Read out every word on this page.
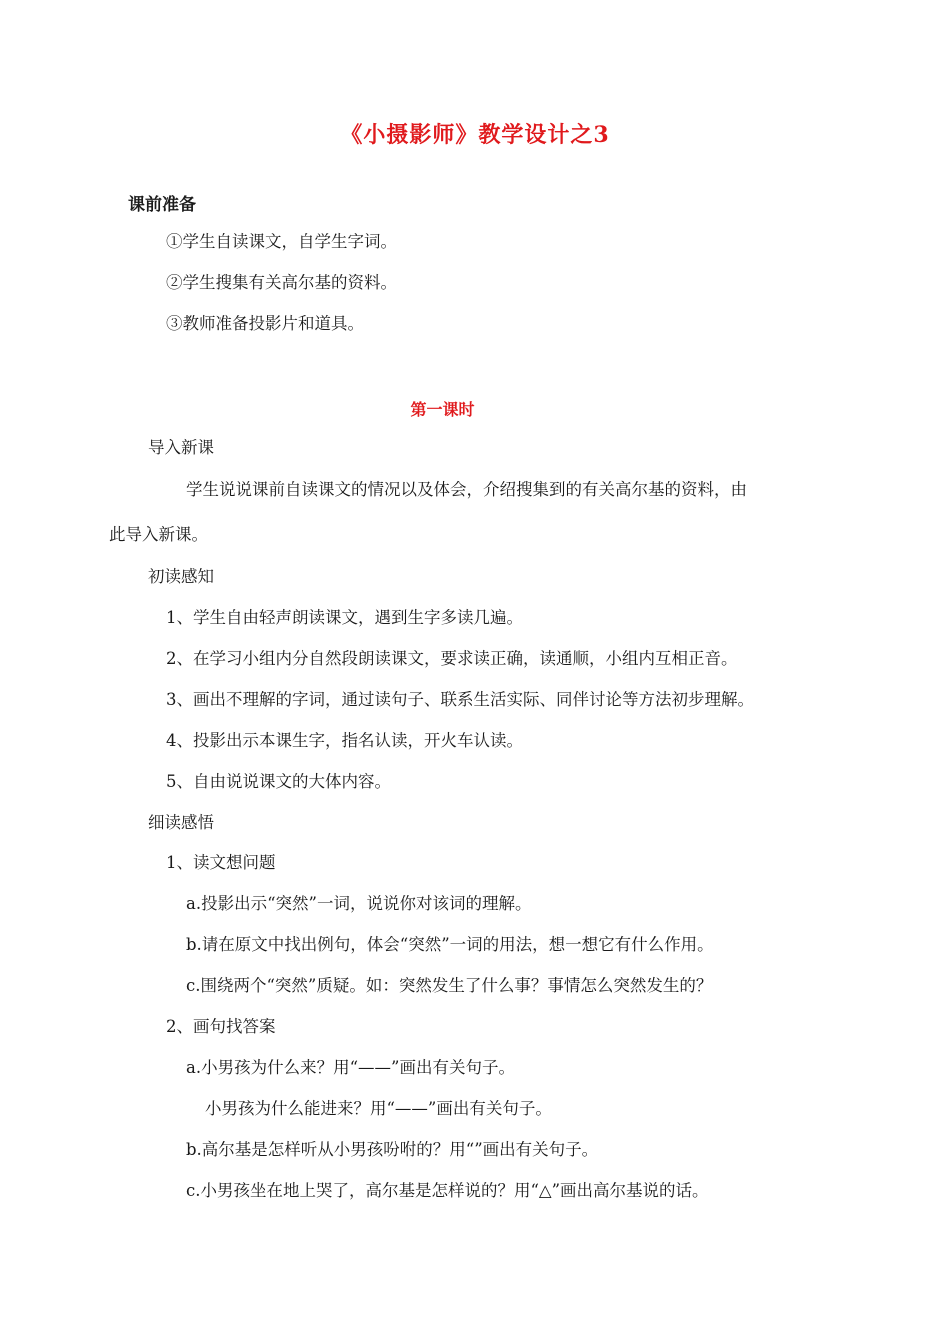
《小摄影师》教学设计之3
课前准备
①学生自读课文，自学生字词。
②学生搜集有关高尔基的资料。
③教师准备投影片和道具。
第一课时
导入新课
学生说说课前自读课文的情况以及体会，介绍搜集到的有关高尔基的资料，由
此导入新课。
初读感知
1、学生自由轻声朗读课文，遇到生字多读几遍。
2、在学习小组内分自然段朗读课文，要求读正确，读通顺，小组内互相正音。
3、画出不理解的字词，通过读句子、联系生活实际、同伴讨论等方法初步理解。
4、投影出示本课生字，指名认读，开火车认读。
5、自由说说课文的大体内容。
细读感悟
1、读文想问题
a.投影出示“突然”一词，说说你对该词的理解。
b.请在原文中找出例句，体会“突然”一词的用法，想一想它有什么作用。
c.围绕两个“突然”质疑。如：突然发生了什么事？事情怎么突然发生的？
2、画句找答案
a.小男孩为什么来？用“——”画出有关句子。
小男孩为什么能进来？用“——”画出有关句子。
b.高尔基是怎样听从小男孩吩咐的？用“”画出有关句子。
c.小男孩坐在地上哭了，高尔基是怎样说的？用“△”画出高尔基说的话。
